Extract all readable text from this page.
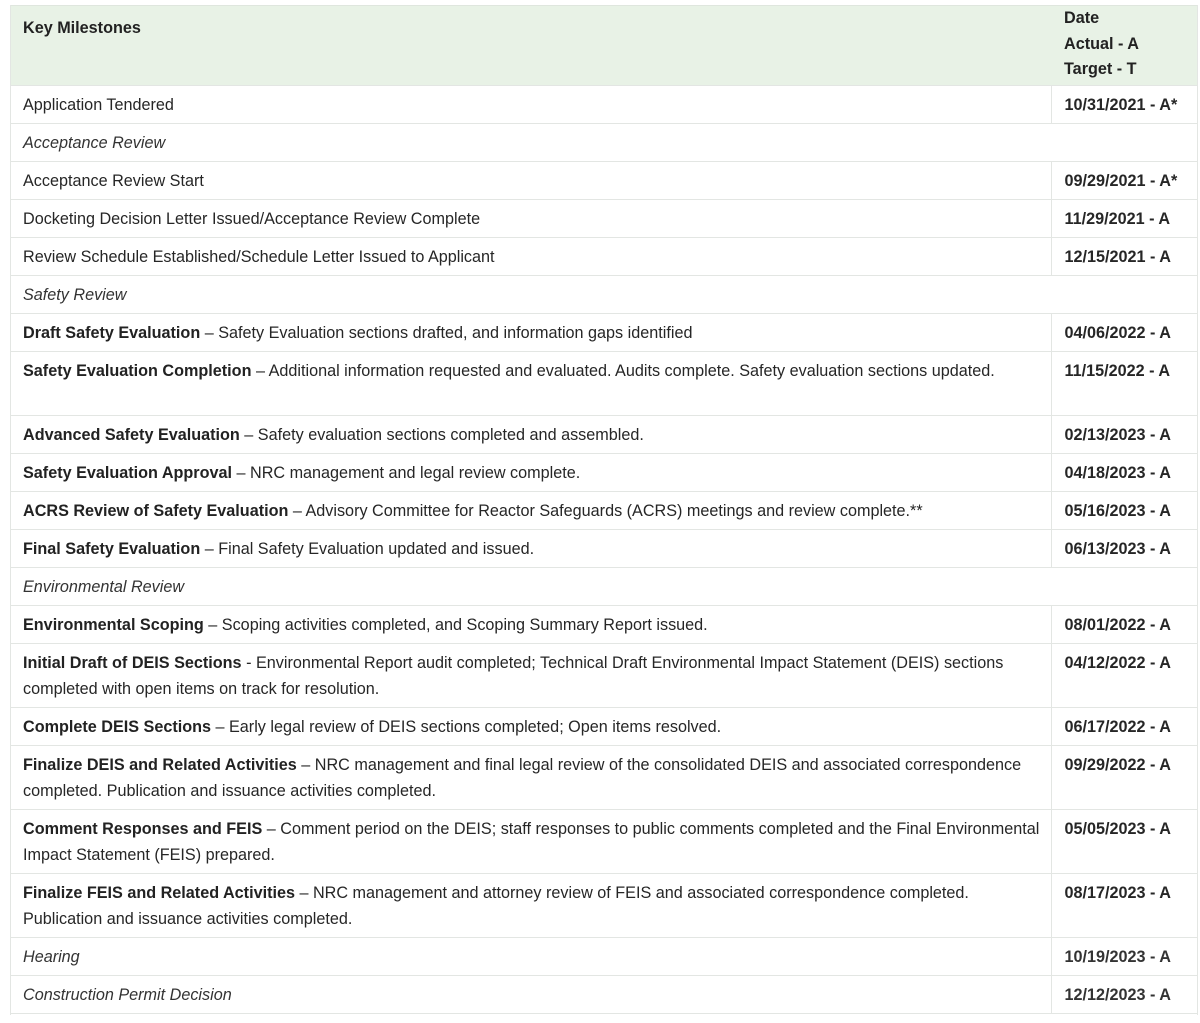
Key Milestones	Date
Actual - A
Target - T

Application Tendered	10/31/2021 - A*
Acceptance Review	
Acceptance Review Start	09/29/2021 - A*
Docketing Decision Letter Issued/Acceptance Review Complete	11/29/2021 - A
Review Schedule Established/Schedule Letter Issued to Applicant	12/15/2021 - A
Safety Review	
Draft Safety Evaluation – Safety Evaluation sections drafted, and information gaps identified	04/06/2022 - A
Safety Evaluation Completion – Additional information requested and evaluated. Audits complete. Safety evaluation sections updated.	11/15/2022 - A
Advanced Safety Evaluation – Safety evaluation sections completed and assembled.	02/13/2023 - A
Safety Evaluation Approval – NRC management and legal review complete.	04/18/2023 - A
ACRS Review of Safety Evaluation – Advisory Committee for Reactor Safeguards (ACRS) meetings and review complete.**	05/16/2023 - A
Final Safety Evaluation – Final Safety Evaluation updated and issued.	06/13/2023 - A
Environmental Review	
Environmental Scoping – Scoping activities completed, and Scoping Summary Report issued.	08/01/2022 - A
Initial Draft of DEIS Sections - Environmental Report audit completed; Technical Draft Environmental Impact Statement (DEIS) sections completed with open items on track for resolution.	04/12/2022 - A
Complete DEIS Sections – Early legal review of DEIS sections completed; Open items resolved.	06/17/2022 - A
Finalize DEIS and Related Activities – NRC management and final legal review of the consolidated DEIS and associated correspondence completed. Publication and issuance activities completed.	09/29/2022 - A
Comment Responses and FEIS – Comment period on the DEIS; staff responses to public comments completed and the Final Environmental Impact Statement (FEIS) prepared.	05/05/2023 - A
Finalize FEIS and Related Activities – NRC management and attorney review of FEIS and associated correspondence completed. Publication and issuance activities completed.	08/17/2023 - A
Hearing	10/19/2023 - A
Construction Permit Decision	12/12/2023 - A
